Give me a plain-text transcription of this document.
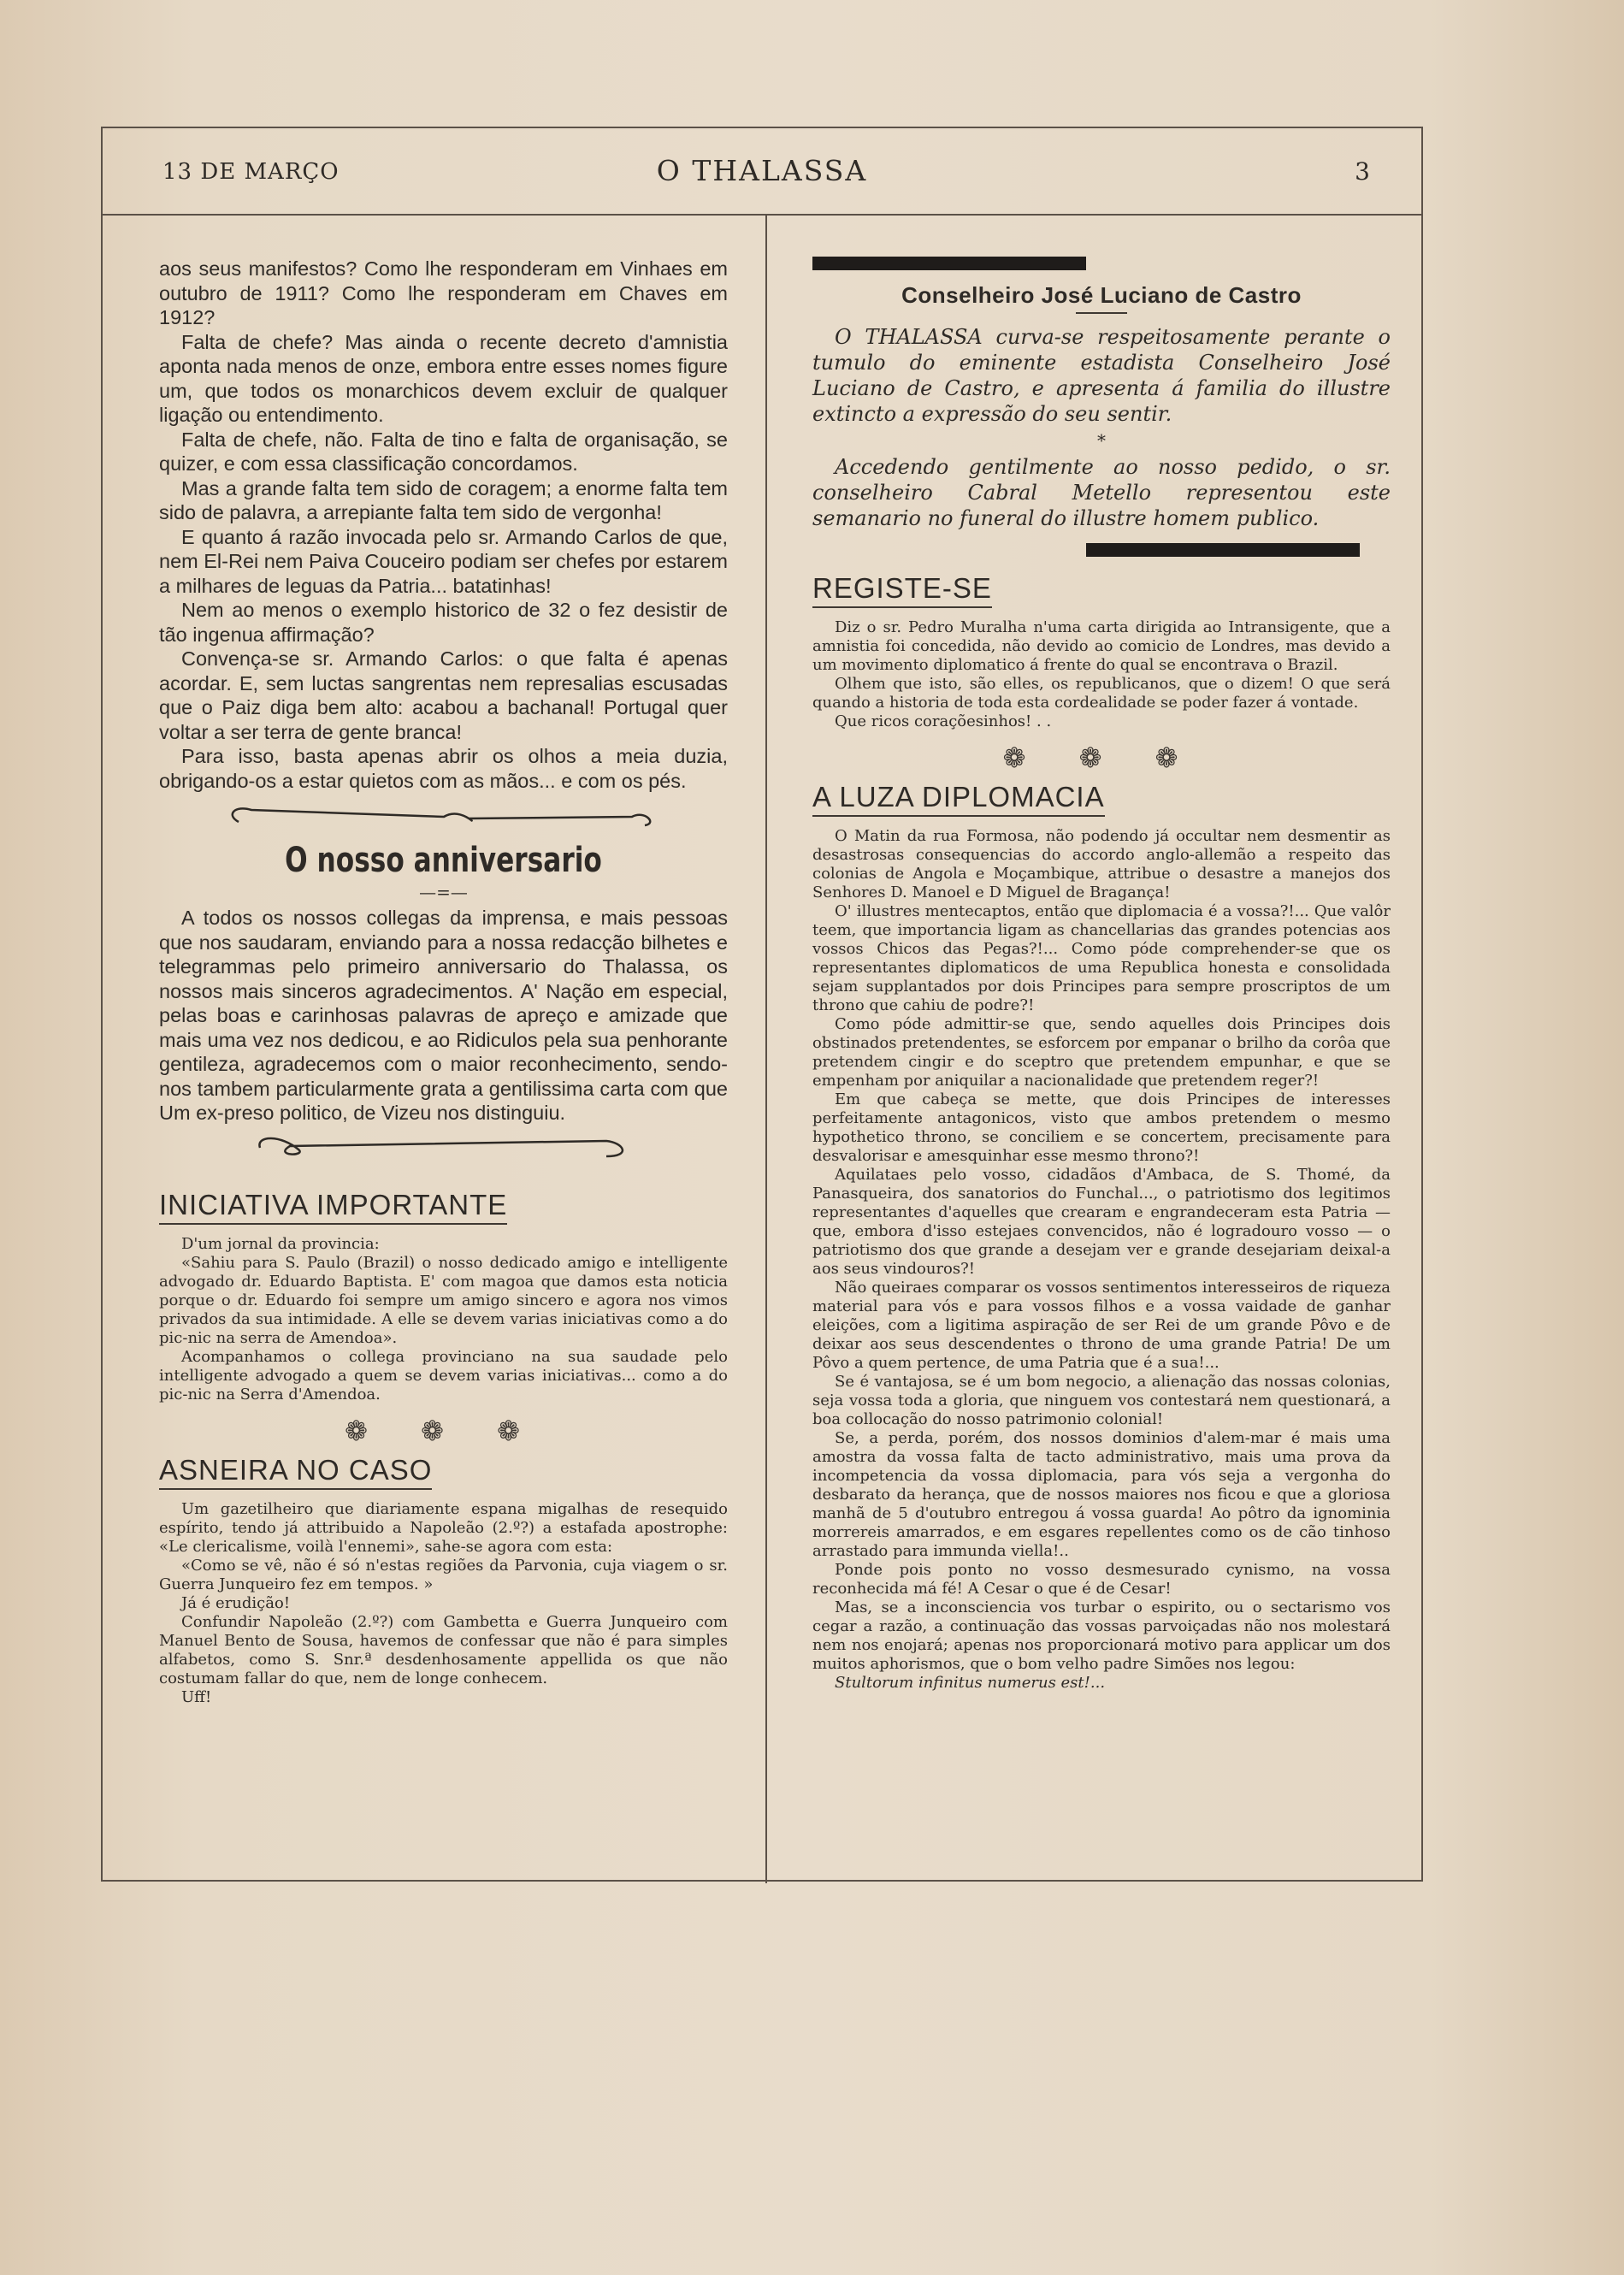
13 DE MARÇO	O THALASSA	3

aos seus manifestos? Como lhe responderam em Vinhaes em outubro de 1911? Como lhe responderam em Chaves em 1912?

Falta de chefe? Mas ainda o recente decreto d'amnistia aponta nada menos de onze, embora entre esses nomes figure um, que todos os monarchicos devem excluir de qualquer ligação ou entendimento.

Falta de chefe, não. Falta de tino e falta de organisação, se quizer, e com essa classificação concordamos.

Mas a grande falta tem sido de coragem; a enorme falta tem sido de palavra, a arrepiante falta tem sido de vergonha!

E quanto á razão invocada pelo sr. Armando Carlos de que, nem El-Rei nem Paiva Couceiro podiam ser chefes por estarem a milhares de leguas da Patria... batatinhas!

Nem ao menos o exemplo historico de 32 o fez desistir de tão ingenua affirmação?

Convença-se sr. Armando Carlos: o que falta é apenas acordar. E, sem luctas sangrentas nem represalias escusadas que o Paiz diga bem alto: acabou a bachanal! Portugal quer voltar a ser terra de gente branca!

Para isso, basta apenas abrir os olhos a meia duzia, obrigando-os a estar quietos com as mãos... e com os pés.

O nosso anniversario
—=—

A todos os nossos collegas da imprensa, e mais pessoas que nos saudaram, enviando para a nossa redacção bilhetes e telegrammas pelo primeiro anniversario do Thalassa, os nossos mais sinceros agradecimentos. A' Nação em especial, pelas boas e carinhosas palavras de apreço e amizade que mais uma vez nos dedicou, e ao Ridiculos pela sua penhorante gentileza, agradecemos com o maior reconhecimento, sendo-nos tambem particularmente grata a gentilissima carta com que Um ex-preso politico, de Vizeu nos distinguiu.

INICIATIVA IMPORTANTE

D'um jornal da provincia:

«Sahiu para S. Paulo (Brazil) o nosso dedicado amigo e intelligente advogado dr. Eduardo Baptista. E' com magoa que damos esta noticia porque o dr. Eduardo foi sempre um amigo sincero e agora nos vimos privados da sua intimidade. A elle se devem varias iniciativas como a do pic-nic na serra de Amendoa».

Acompanhamos o collega provinciano na sua saudade pelo intelligente advogado a quem se devem varias iniciativas... como a do pic-nic na Serra d'Amendoa.

❁ ❁ ❁
ASNEIRA NO CASO

Um gazetilheiro que diariamente espana migalhas de resequido espírito, tendo já attribuido a Napoleão (2.º?) a estafada apostrophe: «Le clericalisme, voilà l'ennemi», sahe-se agora com esta:

«Como se vê, não é só n'estas regiões da Parvonia, cuja viagem o sr. Guerra Junqueiro fez em tempos. »

Já é erudição!

Confundir Napoleão (2.º?) com Gambetta e Guerra Junqueiro com Manuel Bento de Sousa, havemos de confessar que não é para simples alfabetos, como S. Snr.ª desdenhosamente appellida os que não costumam fallar do que, nem de longe conhecem.

Uff!

Conselheiro José Luciano de Castro

O THALASSA curva-se respeitosamente perante o tumulo do eminente estadista Conselheiro José Luciano de Castro, e apresenta á familia do illustre extincto a expressão do seu sentir.

*

Accedendo gentilmente ao nosso pedido, o sr. conselheiro Cabral Metello representou este semanario no funeral do illustre homem publico.

REGISTE-SE

Diz o sr. Pedro Muralha n'uma carta dirigida ao Intransigente, que a amnistia foi concedida, não devido ao comicio de Londres, mas devido a um movimento diplomatico á frente do qual se encontrava o Brazil.

Olhem que isto, são elles, os republicanos, que o dizem! O que será quando a historia de toda esta cordealidade se poder fazer á vontade.

Que ricos coraçõesinhos! . .

❁ ❁ ❁
A LUZA DIPLOMACIA

O Matin da rua Formosa, não podendo já occultar nem desmentir as desastrosas consequencias do accordo anglo-allemão a respeito das colonias de Angola e Moçambique, attribue o desastre a manejos dos Senhores D. Manoel e D Miguel de Bragança!

O' illustres mentecaptos, então que diplomacia é a vossa?!... Que valôr teem, que importancia ligam as chancellarias das grandes potencias aos vossos Chicos das Pegas?!... Como póde comprehender-se que os representantes diplomaticos de uma Republica honesta e consolidada sejam supplantados por dois Principes para sempre proscriptos de um throno que cahiu de podre?!

Como póde admittir-se que, sendo aquelles dois Principes dois obstinados pretendentes, se esforcem por empanar o brilho da corôa que pretendem cingir e do sceptro que pretendem empunhar, e que se empenham por aniquilar a nacionalidade que pretendem reger?!

Em que cabeça se mette, que dois Principes de interesses perfeitamente antagonicos, visto que ambos pretendem o mesmo hypothetico throno, se conciliem e se concertem, precisamente para desvalorisar e amesquinhar esse mesmo throno?!

Aquilataes pelo vosso, cidadãos d'Ambaca, de S. Thomé, da Panasqueira, dos sanatorios do Funchal..., o patriotismo dos legitimos representantes d'aquelles que crearam e engrandeceram esta Patria — que, embora d'isso estejaes convencidos, não é logradouro vosso — o patriotismo dos que grande a desejam ver e grande desejariam deixal-a aos seus vindouros?!

Não queiraes comparar os vossos sentimentos interesseiros de riqueza material para vós e para vossos filhos e a vossa vaidade de ganhar eleições, com a ligitima aspiração de ser Rei de um grande Pôvo e de deixar aos seus descendentes o throno de uma grande Patria! De um Pôvo a quem pertence, de uma Patria que é a sua!...

Se é vantajosa, se é um bom negocio, a alienação das nossas colonias, seja vossa toda a gloria, que ninguem vos contestará nem questionará, a boa collocação do nosso patrimonio colonial!

Se, a perda, porém, dos nossos dominios d'alem-mar é mais uma amostra da vossa falta de tacto administrativo, mais uma prova da incompetencia da vossa diplomacia, para vós seja a vergonha do desbarato da herança, que de nossos maiores nos ficou e que a gloriosa manhã de 5 d'outubro entregou á vossa guarda! Ao pôtro da ignominia morrereis amarrados, e em esgares repellentes como os de cão tinhoso arrastado para immunda viella!..

Ponde pois ponto no vosso desmesurado cynismo, na vossa reconhecida má fé! A Cesar o que é de Cesar!

Mas, se a inconsciencia vos turbar o espirito, ou o sectarismo vos cegar a razão, a continuação das vossas parvoiçadas não nos molestará nem nos enojará; apenas nos proporcionará motivo para applicar um dos muitos aphorismos, que o bom velho padre Simões nos legou:

Stultorum infinitus numerus est!...
